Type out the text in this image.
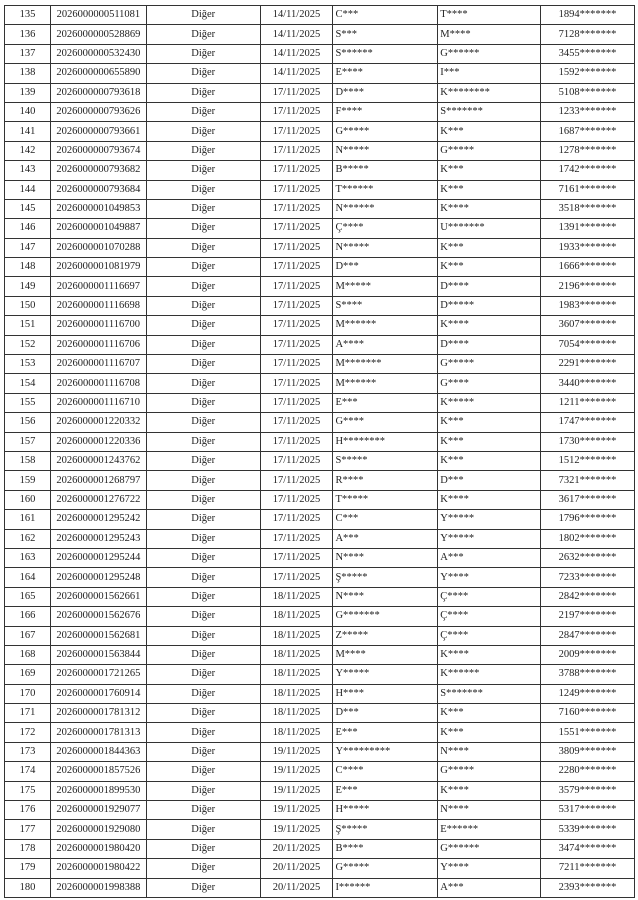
135	2026000000511081	Diğer	14/11/2025	C***	T****	1894*******
136	2026000000528869	Diğer	14/11/2025	S***	M****	7128*******
137	2026000000532430	Diğer	14/11/2025	S******	G******	3455*******
138	2026000000655890	Diğer	14/11/2025	E****	I***	1592*******
139	2026000000793618	Diğer	17/11/2025	D****	K********	5108*******
140	2026000000793626	Diğer	17/11/2025	F****	S*******	1233*******
141	2026000000793661	Diğer	17/11/2025	G*****	K***	1687*******
142	2026000000793674	Diğer	17/11/2025	N*****	G*****	1278*******
143	2026000000793682	Diğer	17/11/2025	B*****	K***	1742*******
144	2026000000793684	Diğer	17/11/2025	T******	K***	7161*******
145	2026000001049853	Diğer	17/11/2025	N******	K****	3518*******
146	2026000001049887	Diğer	17/11/2025	Ç****	U*******	1391*******
147	2026000001070288	Diğer	17/11/2025	N*****	K***	1933*******
148	2026000001081979	Diğer	17/11/2025	D***	K***	1666*******
149	2026000001116697	Diğer	17/11/2025	M*****	D****	2196*******
150	2026000001116698	Diğer	17/11/2025	S****	D*****	1983*******
151	2026000001116700	Diğer	17/11/2025	M******	K****	3607*******
152	2026000001116706	Diğer	17/11/2025	A****	D****	7054*******
153	2026000001116707	Diğer	17/11/2025	M*******	G*****	2291*******
154	2026000001116708	Diğer	17/11/2025	M******	G****	3440*******
155	2026000001116710	Diğer	17/11/2025	E***	K*****	1211*******
156	2026000001220332	Diğer	17/11/2025	G****	K***	1747*******
157	2026000001220336	Diğer	17/11/2025	H********	K***	1730*******
158	2026000001243762	Diğer	17/11/2025	S*****	K***	1512*******
159	2026000001268797	Diğer	17/11/2025	R****	D***	7321*******
160	2026000001276722	Diğer	17/11/2025	T*****	K****	3617*******
161	2026000001295242	Diğer	17/11/2025	C***	Y*****	1796*******
162	2026000001295243	Diğer	17/11/2025	A***	Y*****	1802*******
163	2026000001295244	Diğer	17/11/2025	N****	A***	2632*******
164	2026000001295248	Diğer	17/11/2025	Ş*****	Y****	7233*******
165	2026000001562661	Diğer	18/11/2025	N****	Ç****	2842*******
166	2026000001562676	Diğer	18/11/2025	G*******	Ç****	2197*******
167	2026000001562681	Diğer	18/11/2025	Z*****	Ç****	2847*******
168	2026000001563844	Diğer	18/11/2025	M****	K****	2009*******
169	2026000001721265	Diğer	18/11/2025	Y*****	K******	3788*******
170	2026000001760914	Diğer	18/11/2025	H****	S*******	1249*******
171	2026000001781312	Diğer	18/11/2025	D***	K***	7160*******
172	2026000001781313	Diğer	18/11/2025	E***	K***	1551*******
173	2026000001844363	Diğer	19/11/2025	Y*********	N****	3809*******
174	2026000001857526	Diğer	19/11/2025	C****	G*****	2280*******
175	2026000001899530	Diğer	19/11/2025	E***	K****	3579*******
176	2026000001929077	Diğer	19/11/2025	H*****	N****	5317*******
177	2026000001929080	Diğer	19/11/2025	Ş*****	E******	5339*******
178	2026000001980420	Diğer	20/11/2025	B****	G******	3474*******
179	2026000001980422	Diğer	20/11/2025	G*****	Y****	7211*******
180	2026000001998388	Diğer	20/11/2025	I******	A***	2393*******
